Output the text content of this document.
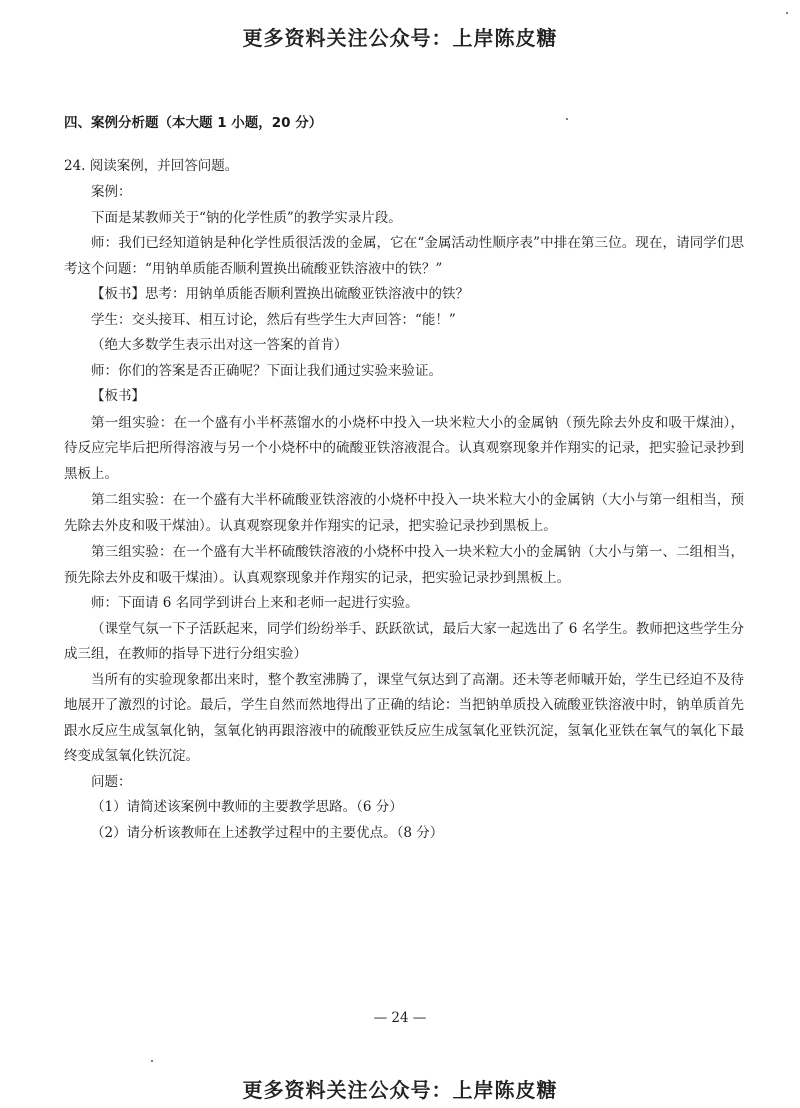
更多资料关注公众号：上岸陈皮糖
四、案例分析题（本大题 1 小题，20 分）
24. 阅读案例，并回答问题。

案例：

下面是某教师关于“钠的化学性质”的教学实录片段。

师：我们已经知道钠是种化学性质很活泼的金属，它在“金属活动性顺序表”中排在第三位。现在，请同学们思考这个问题：“用钠单质能否顺利置换出硫酸亚铁溶液中的铁？”

【板书】思考：用钠单质能否顺利置换出硫酸亚铁溶液中的铁？

学生：交头接耳、相互讨论，然后有些学生大声回答：“能！”

（绝大多数学生表示出对这一答案的首肯）

师：你们的答案是否正确呢？下面让我们通过实验来验证。

【板书】

第一组实验：在一个盛有小半杯蒸馏水的小烧杯中投入一块米粒大小的金属钠（预先除去外皮和吸干煤油），待反应完毕后把所得溶液与另一个小烧杯中的硫酸亚铁溶液混合。认真观察现象并作翔实的记录，把实验记录抄到黑板上。

第二组实验：在一个盛有大半杯硫酸亚铁溶液的小烧杯中投入一块米粒大小的金属钠（大小与第一组相当，预先除去外皮和吸干煤油）。认真观察现象并作翔实的记录，把实验记录抄到黑板上。

第三组实验：在一个盛有大半杯硫酸铁溶液的小烧杯中投入一块米粒大小的金属钠（大小与第一、二组相当，预先除去外皮和吸干煤油）。认真观察现象并作翔实的记录，把实验记录抄到黑板上。

师：下面请 6 名同学到讲台上来和老师一起进行实验。

（课堂气氛一下子活跃起来，同学们纷纷举手、跃跃欲试，最后大家一起选出了 6 名学生。教师把这些学生分成三组，在教师的指导下进行分组实验）

当所有的实验现象都出来时，整个教室沸腾了，课堂气氛达到了高潮。还未等老师嘁开始，学生已经迫不及待地展开了激烈的讨论。最后，学生自然而然地得出了正确的结论：当把钠单质投入硫酸亚铁溶液中时，钠单质首先跟水反应生成氢氧化钠，氢氧化钠再跟溶液中的硫酸亚铁反应生成氢氧化亚铁沉淀，氢氧化亚铁在氧气的氧化下最终变成氢氧化铁沉淀。

问题：

（1）请简述该案例中教师的主要教学思路。（6 分）

（2）请分析该教师在上述教学过程中的主要优点。（8 分）

— 24 —
更多资料关注公众号：上岸陈皮糖
